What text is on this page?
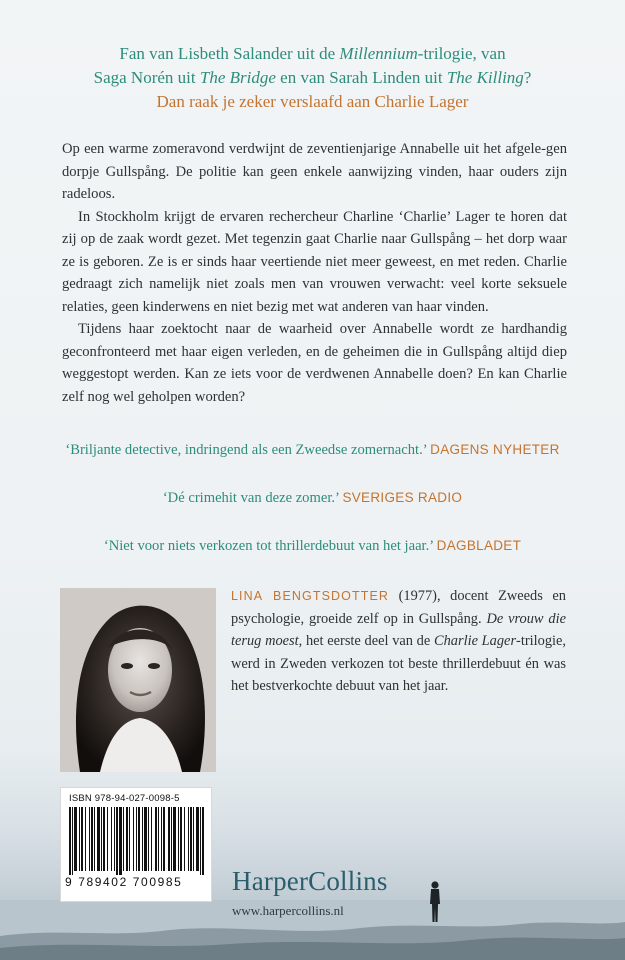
Fan van Lisbeth Salander uit de Millennium-trilogie, van
Saga Norén uit The Bridge en van Sarah Linden uit The Killing?
Dan raak je zeker verslaafd aan Charlie Lager

Op een warme zomeravond verdwijnt de zeventienjarige Annabelle uit het afgele-gen dorpje Gullspång. De politie kan geen enkele aanwijzing vinden, haar ouders zijn radeloos.

In Stockholm krijgt de ervaren rechercheur Charline ‘Charlie’ Lager te horen dat zij op de zaak wordt gezet. Met tegenzin gaat Charlie naar Gullspång – het dorp waar ze is geboren. Ze is er sinds haar veertiende niet meer geweest, en met reden. Charlie gedraagt zich namelijk niet zoals men van vrouwen verwacht: veel korte seksuele relaties, geen kinderwens en niet bezig met wat anderen van haar vinden.

Tijdens haar zoektocht naar de waarheid over Annabelle wordt ze hardhandig geconfronteerd met haar eigen verleden, en de geheimen die in Gullspång altijd diep weggestopt werden. Kan ze iets voor de verdwenen Annabelle doen? En kan Charlie zelf nog wel geholpen worden?

‘Briljante detective, indringend als een Zweedse zomernacht.’ DAGENS NYHETER
‘Dé crimehit van deze zomer.’ SVERIGES RADIO
‘Niet voor niets verkozen tot thrillerdebuut van het jaar.’ DAGBLADET
LINA BENGTSDOTTER (1977), docent Zweeds en psychologie, groeide zelf op in Gullspång. De vrouw die terug moest, het eerste deel van de Charlie Lager-trilogie, werd in Zweden verkozen tot beste thrillerdebuut én was het bestverkochte debuut van het jaar.
ISBN 978-94-027-0098-5
9 789402 700985	HarperCollins
www.harpercollins.nl
